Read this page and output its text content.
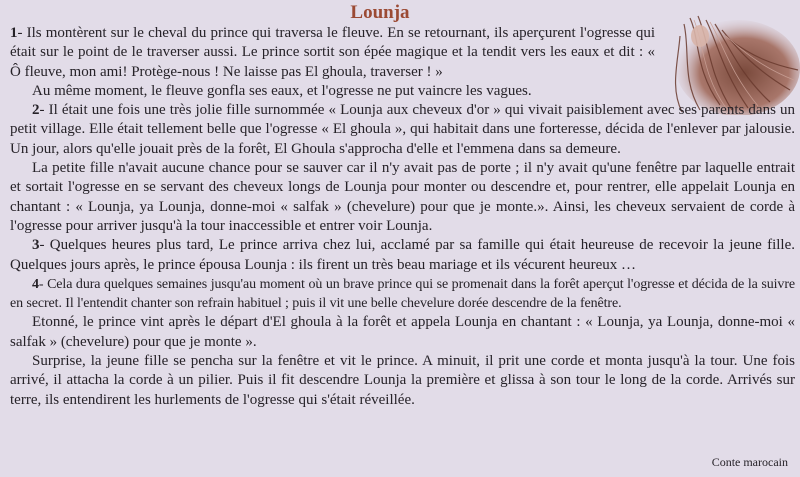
Lounja

1- Ils montèrent sur le cheval du prince qui traversa le fleuve. En se retournant, ils aperçurent l'ogresse qui était sur le point de le traverser aussi. Le prince sortit son épée magique et la tendit vers les eaux et dit : « Ô fleuve, mon ami! Protège-nous ! Ne laisse pas El ghoula, traverser ! »

Au même moment, le fleuve gonfla ses eaux, et l'ogresse ne put vaincre les vagues.

2- Il était une fois une très jolie fille surnommée « Lounja aux cheveux d'or » qui vivait paisiblement avec ses parents dans un petit village. Elle était tellement belle que l'ogresse « El ghoula », qui habitait dans une forteresse, décida de l'enlever par jalousie. Un jour, alors qu'elle jouait près de la forêt, El Ghoula s'approcha d'elle et l'emmena dans sa demeure.

La petite fille n'avait aucune chance pour se sauver car il n'y avait pas de porte ; il n'y avait qu'une fenêtre par laquelle entrait et sortait l'ogresse en se servant des cheveux longs de Lounja pour monter ou descendre et, pour rentrer, elle appelait Lounja en chantant : « Lounja, ya Lounja, donne-moi « salfak » (chevelure) pour que je monte.». Ainsi, les cheveux servaient de corde à l'ogresse pour arriver jusqu'à la tour inaccessible et entrer voir Lounja.

3- Quelques heures plus tard, Le prince arriva chez lui, acclamé par sa famille qui était heureuse de recevoir la jeune fille. Quelques jours après, le prince épousa Lounja : ils firent un très beau mariage et ils vécurent heureux …

4- Cela dura quelques semaines jusqu'au moment où un brave prince qui se promenait dans la forêt aperçut l'ogresse et décida de la suivre en secret. Il l'entendit chanter son refrain habituel ; puis il vit une belle chevelure dorée descendre de la fenêtre.

Etonné, le prince vint après le départ d'El ghoula à la forêt et appela Lounja en chantant : « Lounja, ya Lounja, donne-moi « salfak » (chevelure) pour que je monte ».

Surprise, la jeune fille se pencha sur la fenêtre et vit le prince. A minuit, il prit une corde et monta jusqu'à la tour. Une fois arrivé, il attacha la corde à un pilier. Puis il fit descendre Lounja la première et glissa à son tour le long de la corde. Arrivés sur terre, ils entendirent les hurlements de l'ogresse qui s'était réveillée.

Conte marocain
